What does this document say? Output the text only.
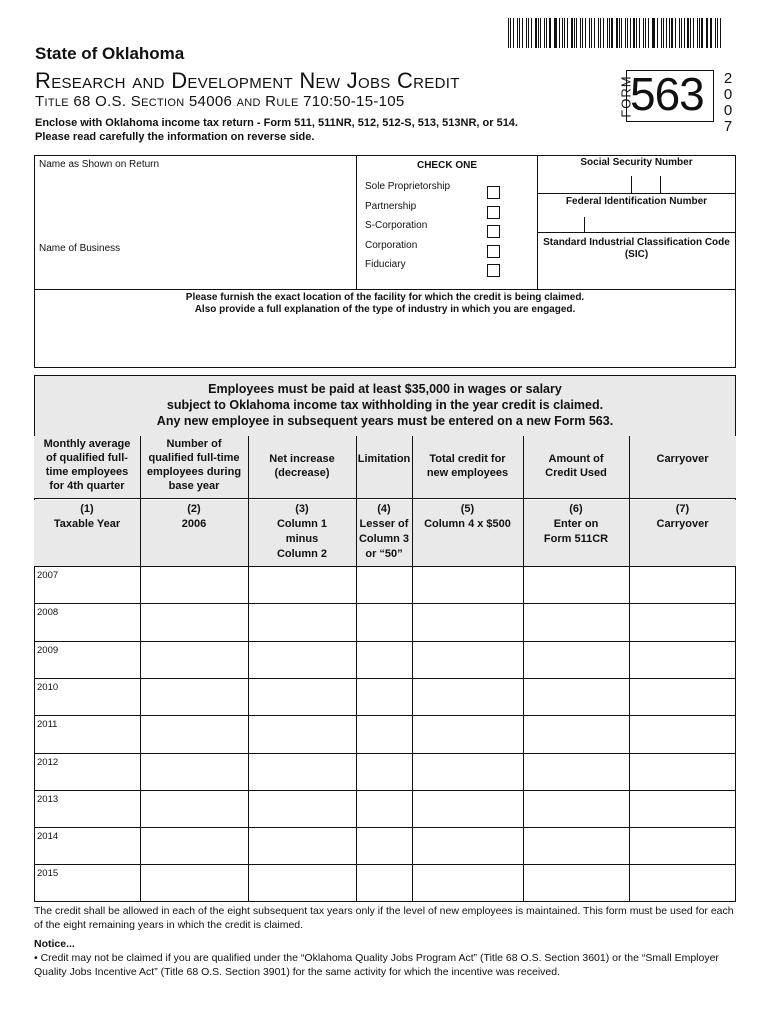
State of Oklahoma
Research and Development New Jobs Credit
Title 68 O.S. Section 54006 and Rule 710:50-15-105
Enclose with Oklahoma income tax return - Form 511, 511NR, 512, 512-S, 513, 513NR, or 514.
Please read carefully the information on reverse side.
FORM
563 2
0
0
7
Name as Shown on Return
Name of Business
CHECK ONE
Sole Proprietorship
Partnership
S-Corporation
Corporation
Fiduciary
Social Security Number
Federal Identification Number
Standard Industrial Classification Code
(SIC)
Please furnish the exact location of the facility for which the credit is being claimed.
Also provide a full explanation of the type of industry in which you are engaged.
Employees must be paid at least $35,000 in wages or salary
subject to Oklahoma income tax withholding in the year credit is claimed.
Any new employee in subsequent years must be entered on a new Form 563.
Monthly average
of qualified full-
time employees
for 4th quarter
Number of
qualified full-time
employees during
base year
Net increase
(decrease)
Limitation	Total credit for
new employees
Amount of
Credit Used
Carryover
(1)
Taxable Year
(2)
2006
(3)
Column 1
minus
Column 2
(4)
Lesser of
Column 3
or “50”
(5)
Column 4 x $500
(6)
Enter on
Form 511CR
(7)
Carryover
2007
2008
2009
2010
2011
2012
2013
2014
2015
The credit shall be allowed in each of the eight subsequent tax years only if the level of new employees is maintained. This form must be used for each of the eight remaining years in which the credit is claimed.
Notice...
• Credit may not be claimed if you are qualified under the “Oklahoma Quality Jobs Program Act” (Title 68 O.S. Section 3601) or the “Small Employer Quality Jobs Incentive Act” (Title 68 O.S. Section 3901) for the same activity for which the incentive was received.
